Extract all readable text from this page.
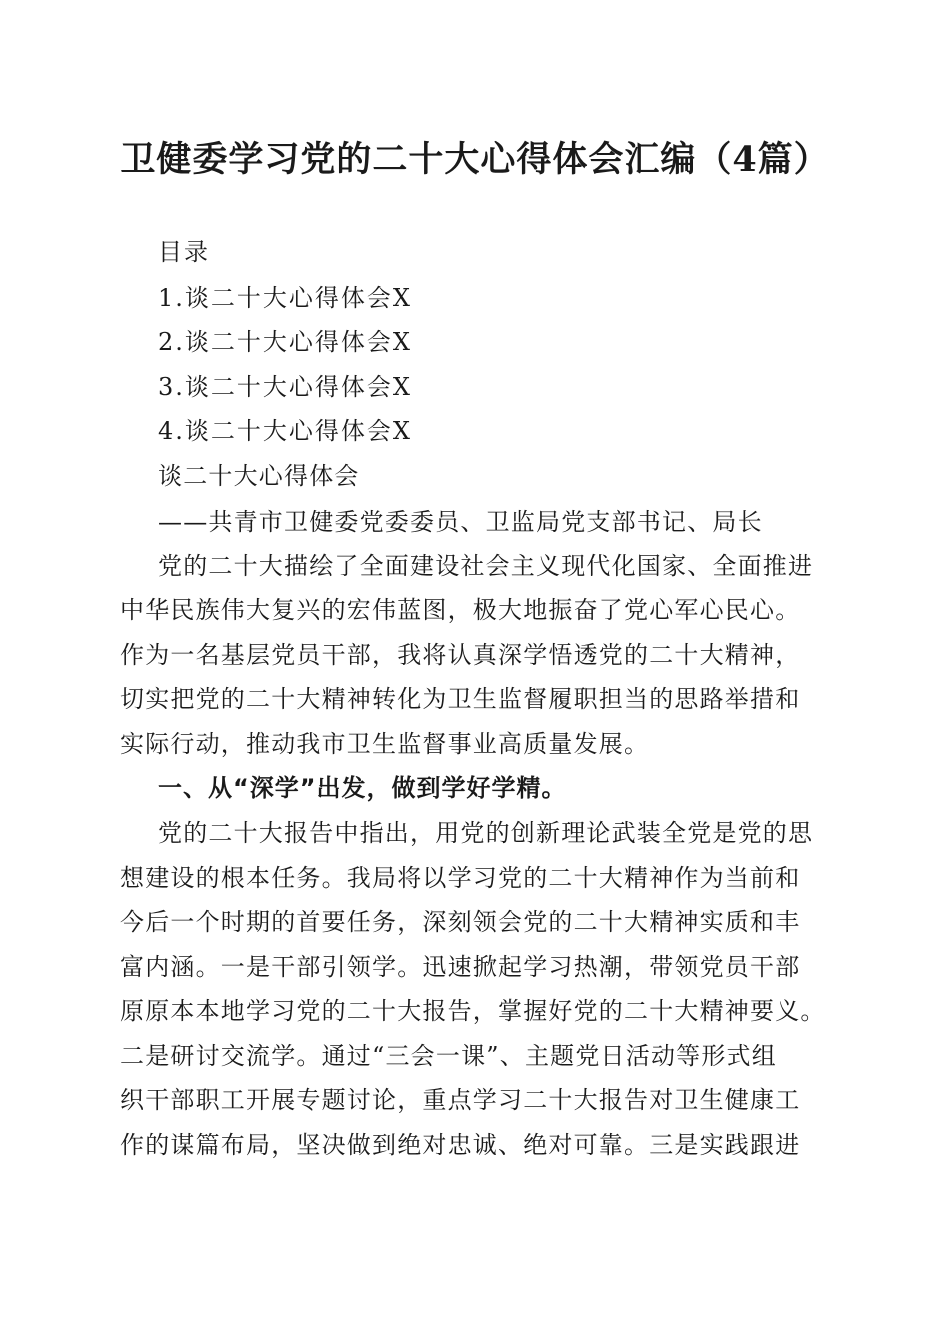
卫健委学习党的二十大心得体会汇编（4篇）
目录
1.谈二十大心得体会X
2.谈二十大心得体会X
3.谈二十大心得体会X
4.谈二十大心得体会X
谈二十大心得体会
——共青市卫健委党委委员、卫监局党支部书记、局长
党的二十大描绘了全面建设社会主义现代化国家、全面推进
中华民族伟大复兴的宏伟蓝图，极大地振奋了党心军心民心。
作为一名基层党员干部，我将认真深学悟透党的二十大精神，
切实把党的二十大精神转化为卫生监督履职担当的思路举措和
实际行动，推动我市卫生监督事业高质量发展。
一、从“深学”出发，做到学好学精。
党的二十大报告中指出，用党的创新理论武装全党是党的思
想建设的根本任务。我局将以学习党的二十大精神作为当前和
今后一个时期的首要任务，深刻领会党的二十大精神实质和丰
富内涵。一是干部引领学。迅速掀起学习热潮，带领党员干部
原原本本地学习党的二十大报告，掌握好党的二十大精神要义。
二是研讨交流学。通过“三会一课”、主题党日活动等形式组
织干部职工开展专题讨论，重点学习二十大报告对卫生健康工
作的谋篇布局，坚决做到绝对忠诚、绝对可靠。三是实践跟进
